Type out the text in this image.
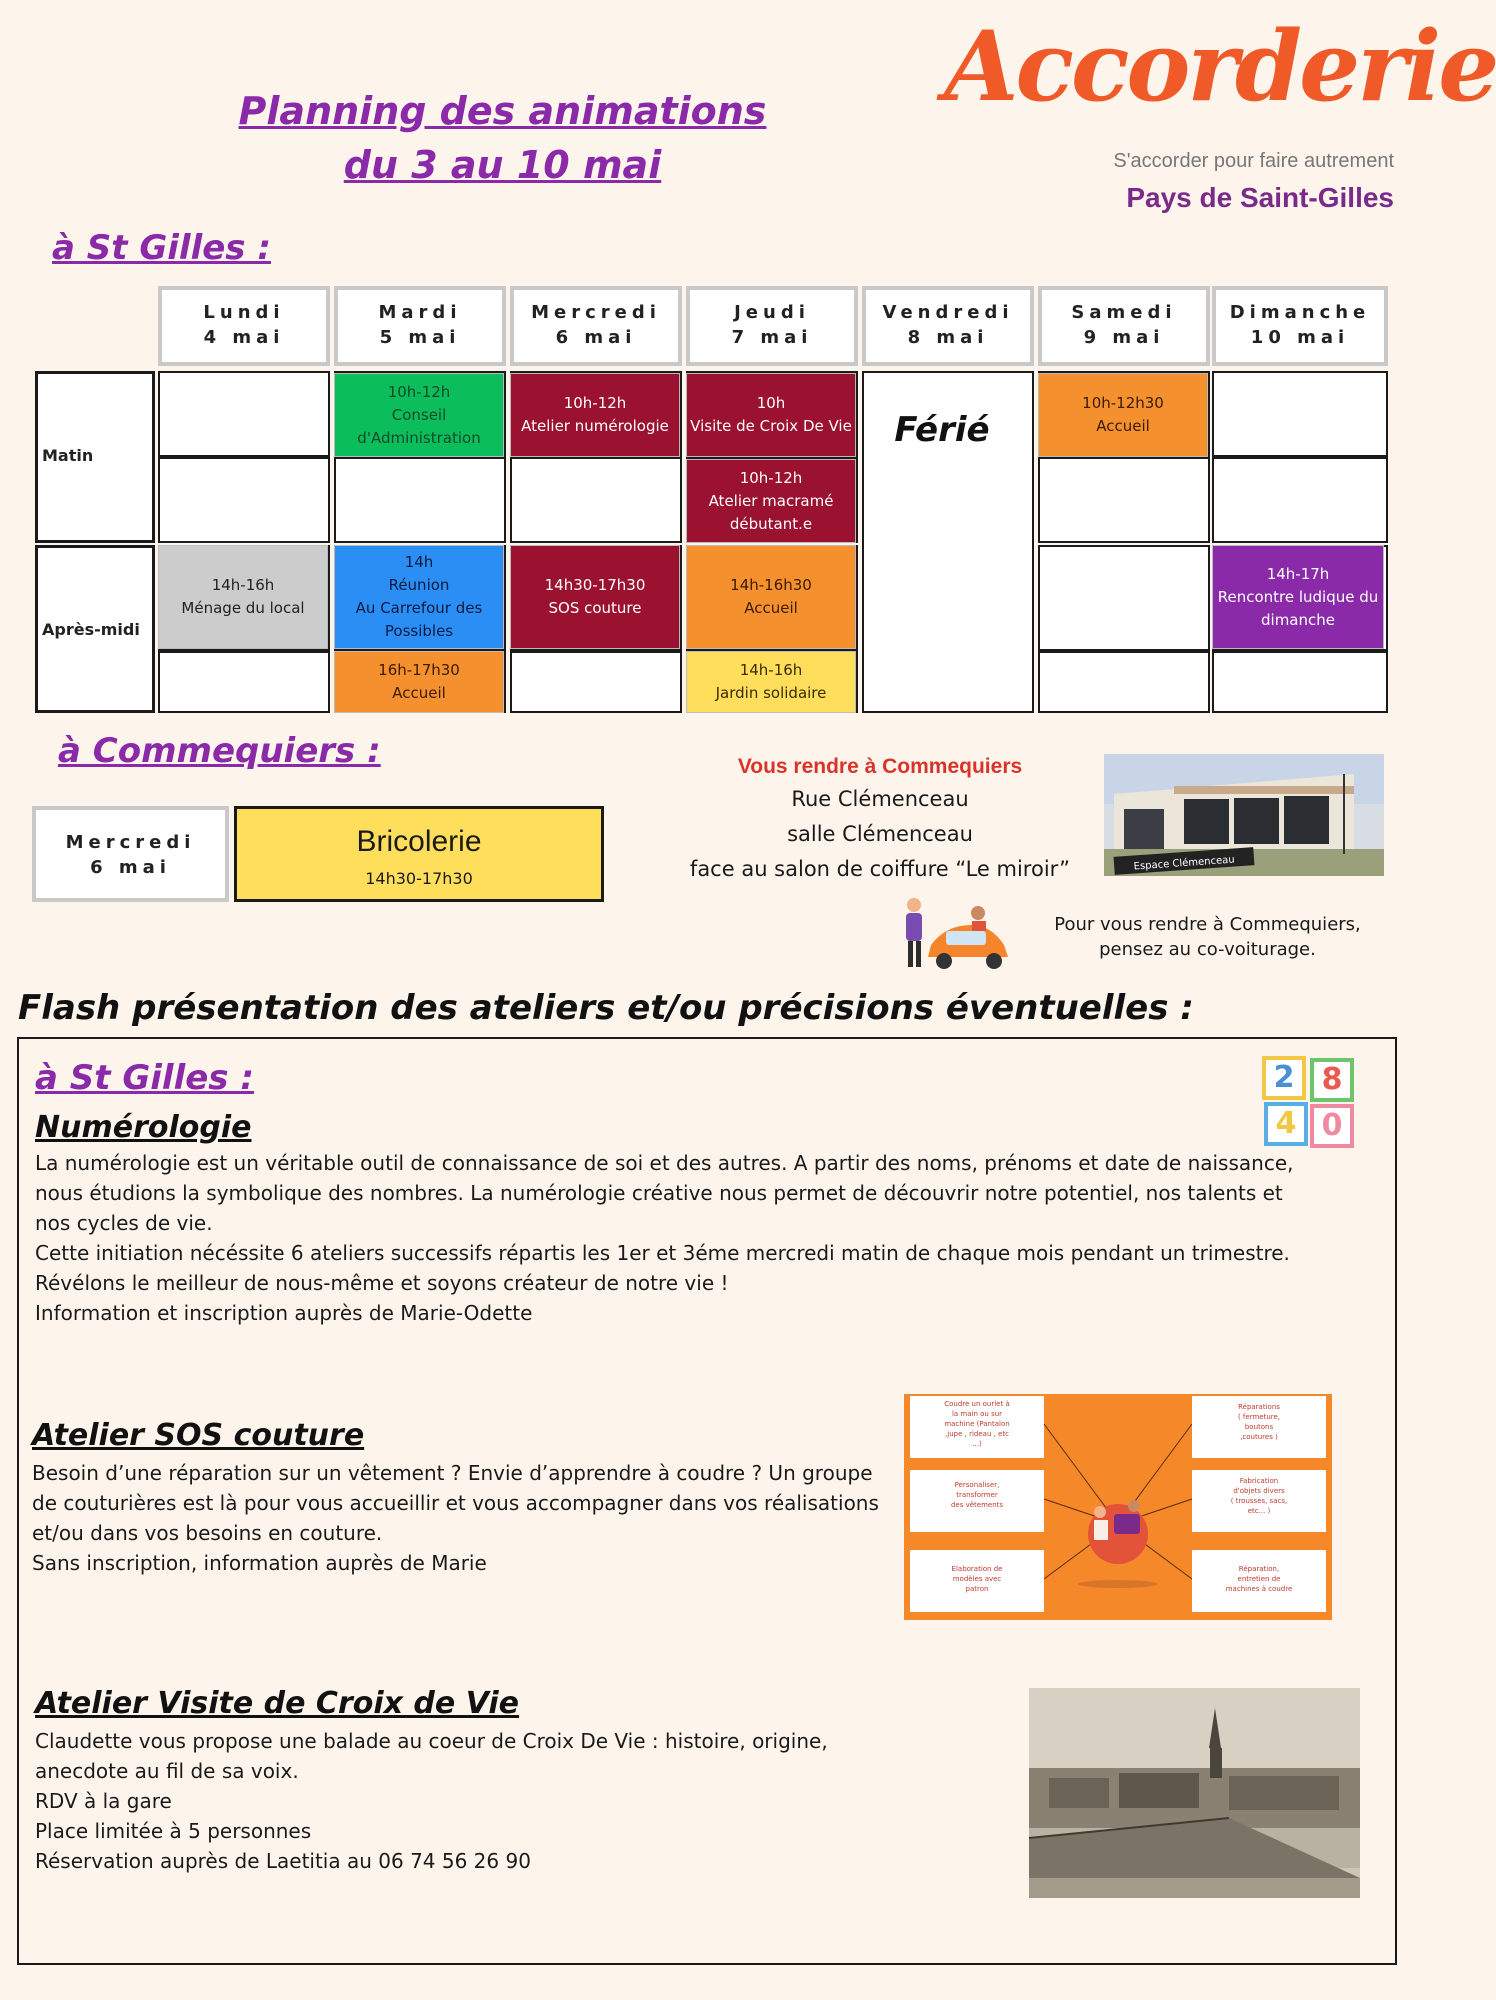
Planning des animations
du 3 au 10 mai
Accorderie
S'accorder pour faire autrement
Pays de Saint-Gilles
à St Gilles :
Lundi
4 mai
Mardi
5 mai
Mercredi
6 mai
Jeudi
7 mai
Vendredi
8 mai
Samedi
9 mai
Dimanche
10 mai
Matin
Après-midi
Férié
10h-12h
Conseil
d'Administration
10h-12h
Atelier numérologie
10h
Visite de Croix De Vie
10h-12h30
Accueil
10h-12h
Atelier macramé
débutant.e
14h-16h
Ménage du local
14h
Réunion
Au Carrefour des
Possibles
14h30-17h30
SOS couture
14h-16h30
Accueil
14h-17h
Rencontre ludique du
dimanche
16h-17h30
Accueil
14h-16h
Jardin solidaire
à Commequiers :
Mercredi
6 mai
Bricolerie
14h30-17h30
Vous rendre à Commequiers
Rue Clémenceau
salle Clémenceau
face au salon de coiffure “Le miroir”	Espace Clémenceau
Pour vous rendre à Commequiers,
pensez au co-voiturage.
Flash présentation des ateliers et/ou précisions éventuelles :
à St Gilles :	2 8
4 0
Numérologie
La numérologie est un véritable outil de connaissance de soi et des autres. A partir des noms, prénoms et date de naissance,
nous étudions la symbolique des nombres. La numérologie créative nous permet de découvrir notre potentiel, nos talents et
nos cycles de vie.
Cette initiation nécéssite 6 ateliers successifs répartis les 1er et 3éme mercredi matin de chaque mois pendant un trimestre.
Révélons le meilleur de nous-même et soyons créateur de notre vie !
Information et inscription auprès de Marie-Odette
Atelier SOS couture
Besoin d’une réparation sur un vêtement ? Envie d’apprendre à coudre ? Un groupe
de couturières est là pour vous accueillir et vous accompagner dans vos réalisations
et/ou dans vos besoins en couture.
Sans inscription, information auprès de Marie
Coudre un ourlet à
la main ou sur
machine (Pantalon
,jupe , rideau , etc
...)
Personaliser,
transformer
des vêtements
Elaboration de
modèles avec
patron
Réparations
( fermeture,
boutons
,coutures )
Fabrication
d'objets divers
( trousses, sacs,
etc... )
Réparation,
entretien de
machines à coudre
Atelier Visite de Croix de Vie
Claudette vous propose une balade au coeur de Croix De Vie : histoire, origine,
anecdote au fil de sa voix.
RDV à la gare
Place limitée à 5 personnes
Réservation auprès de Laetitia au 06 74 56 26 90
